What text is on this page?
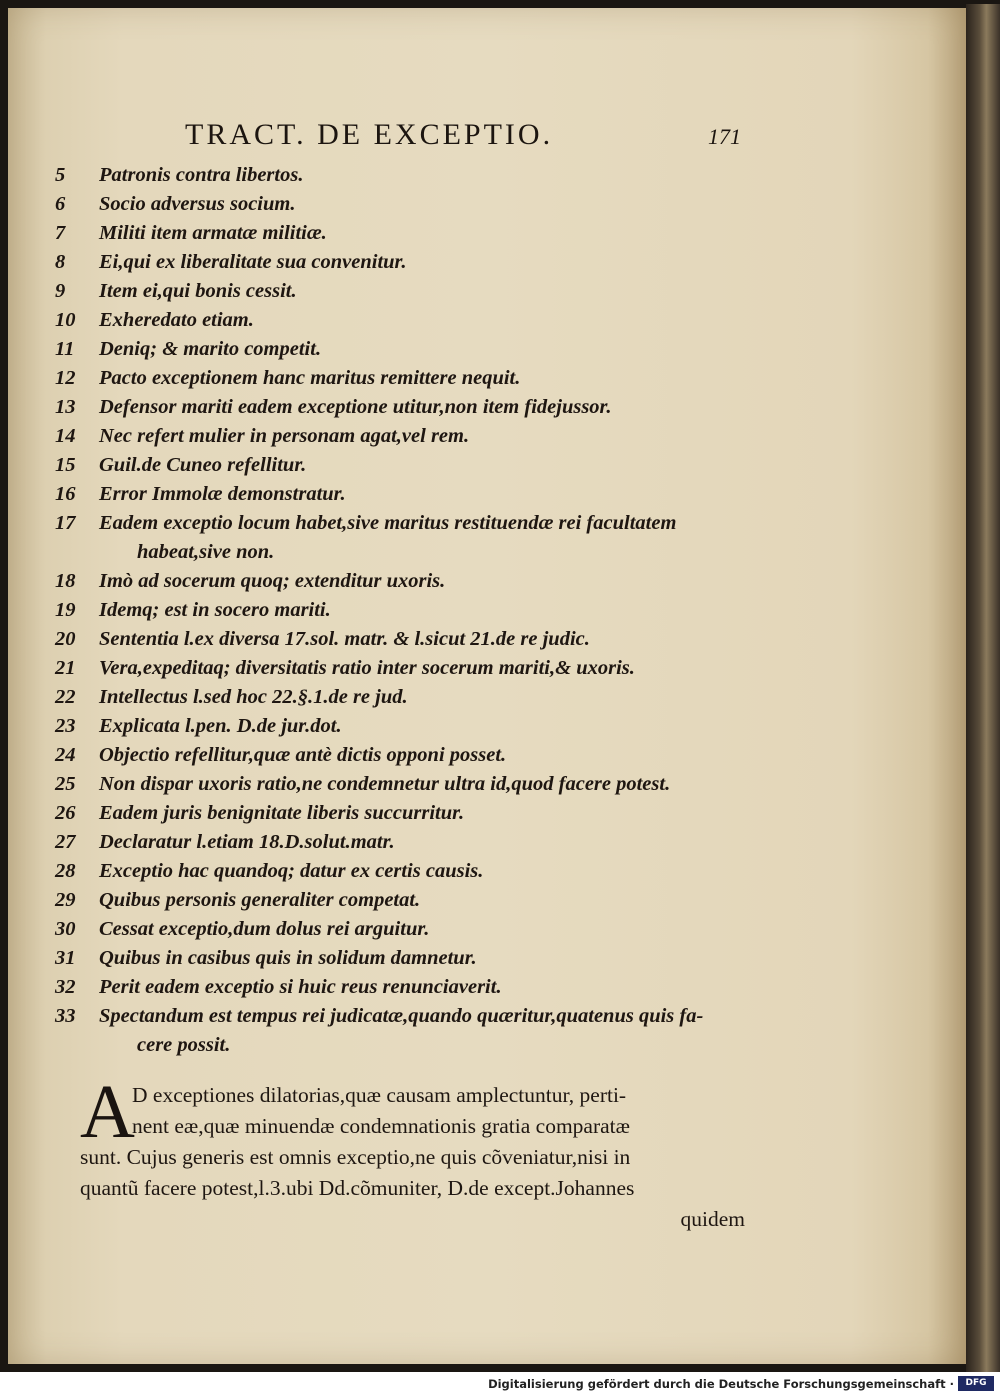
TRACT. DE EXCEPTIO.	171
5	Patronis contra libertos.
6	Socio adversus socium.
7	Militi item armatæ militiæ.
8	Ei,qui ex liberalitate sua convenitur.
9	Item ei,qui bonis cessit.
10	Exheredato etiam.
11	Deniq; & marito competit.
12	Pacto exceptionem hanc maritus remittere nequit.
13	Defensor mariti eadem exceptione utitur,non item fidejussor.
14	Nec refert mulier in personam agat,vel rem.
15	Guil.de Cuneo refellitur.
16	Error Immolæ demonstratur.
17	Eadem exceptio locum habet,sive maritus restituendæ rei facultatem
habeat,sive non.
18	Imò ad socerum quoq; extenditur uxoris.
19	Idemq; est in socero mariti.
20	Sententia l.ex diversa 17.sol. matr. & l.sicut 21.de re judic.
21	Vera,expeditaq; diversitatis ratio inter socerum mariti,& uxoris.
22	Intellectus l.sed hoc 22.§.1.de re jud.
23	Explicata l.pen. D.de jur.dot.
24	Objectio refellitur,quæ antè dictis opponi posset.
25	Non dispar uxoris ratio,ne condemnetur ultra id,quod facere potest.
26	Eadem juris benignitate liberis succurritur.
27	Declaratur l.etiam 18.D.solut.matr.
28	Exceptio hac quandoq; datur ex certis causis.
29	Quibus personis generaliter competat.
30	Cessat exceptio,dum dolus rei arguitur.
31	Quibus in casibus quis in solidum damnetur.
32	Perit eadem exceptio si huic reus renunciaverit.
33	Spectandum est tempus rei judicatæ,quando quæritur,quatenus quis fa-
cere possit.
A
D exceptiones dilatorias,quæ causam amplectuntur, perti-
nent eæ,quæ minuendæ condemnationis gratia comparatæ
sunt. Cujus generis est omnis exceptio,ne quis cõveniatur,nisi in
quantũ facere potest,l.3.ubi Dd.cõmuniter, D.de except.Johannes
quidem
Digitalisierung gefördert durch die Deutsche Forschungsgemeinschaft ·	DFG
